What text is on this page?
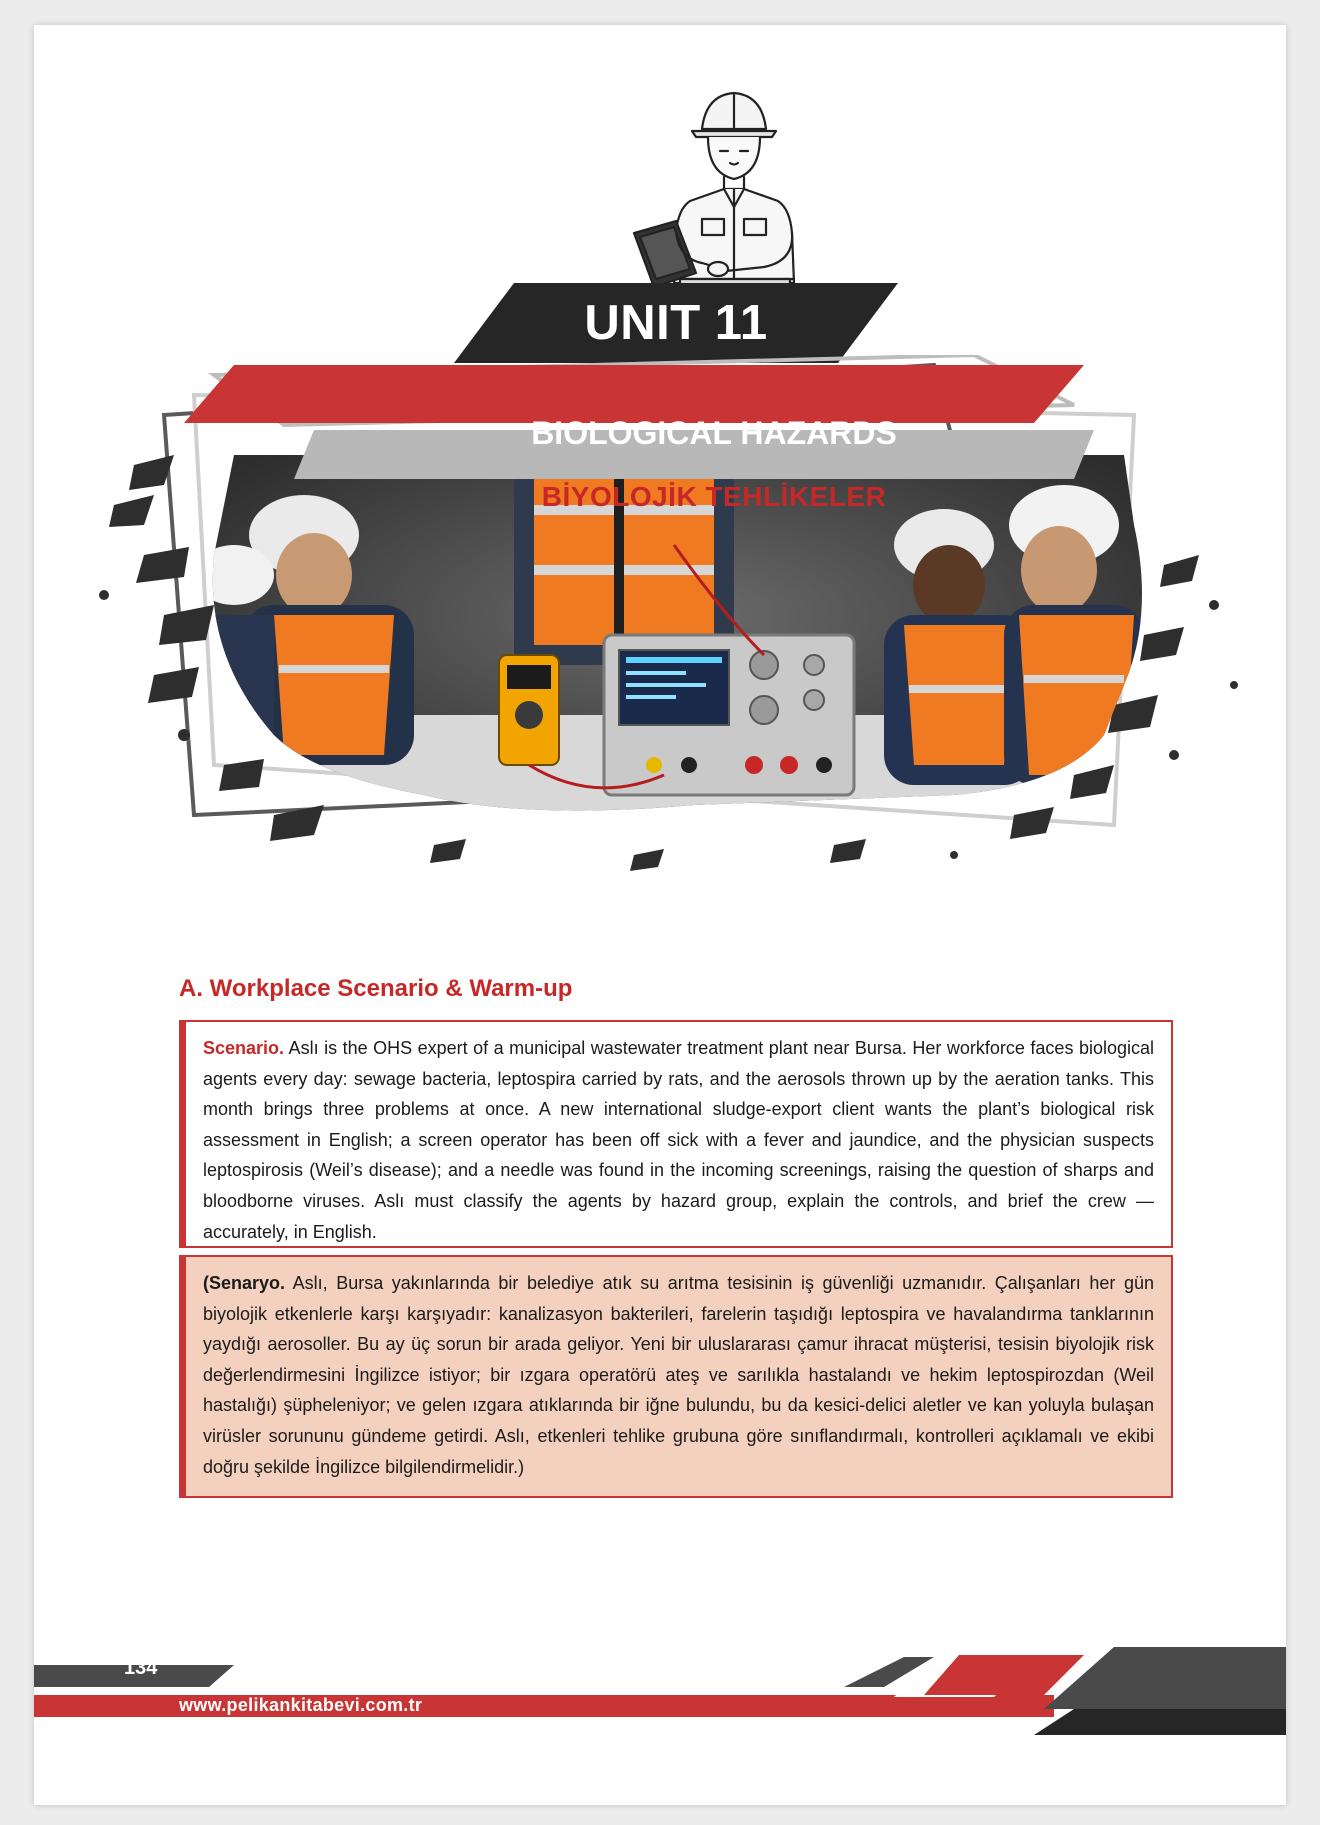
UNIT 11
BIOLOGICAL HAZARDS
BİYOLOJİK TEHLİKELER
A. Workplace Scenario & Warm-up
Scenario. Aslı is the OHS expert of a municipal wastewater treatment plant near Bursa. Her workforce faces biological agents every day: sewage bacteria, leptospira carried by rats, and the aerosols thrown up by the aeration tanks. This month brings three problems at once. A new international sludge-export client wants the plant’s biological risk assessment in English; a screen operator has been off sick with a fever and jaundice, and the physician suspects leptospirosis (Weil’s disease); and a needle was found in the incoming screenings, raising the question of sharps and bloodborne viruses. Aslı must classify the agents by hazard group, explain the controls, and brief the crew — accurately, in English.
(Senaryo. Aslı, Bursa yakınlarında bir belediye atık su arıtma tesisinin iş güvenliği uzmanıdır. Çalışanları her gün biyolojik etkenlerle karşı karşıyadır: kanalizasyon bakterileri, farelerin taşıdığı leptospira ve havalandırma tanklarının yaydığı aerosoller. Bu ay üç sorun bir arada geliyor. Yeni bir uluslararası çamur ihracat müşterisi, tesisin biyolojik risk değerlendirmesini İngilizce istiyor; bir ızgara operatörü ateş ve sarılıkla hastalandı ve hekim leptospirozdan (Weil hastalığı) şüpheleniyor; ve gelen ızgara atıklarında bir iğne bulundu, bu da kesici-delici aletler ve kan yoluyla bulaşan virüsler sorununu gündeme getirdi. Aslı, etkenleri tehlike grubuna göre sınıflandırmalı, kontrolleri açıklamalı ve ekibi doğru şekilde İngilizce bilgilendirmelidir.)
134
www.pelikankitabevi.com.tr
